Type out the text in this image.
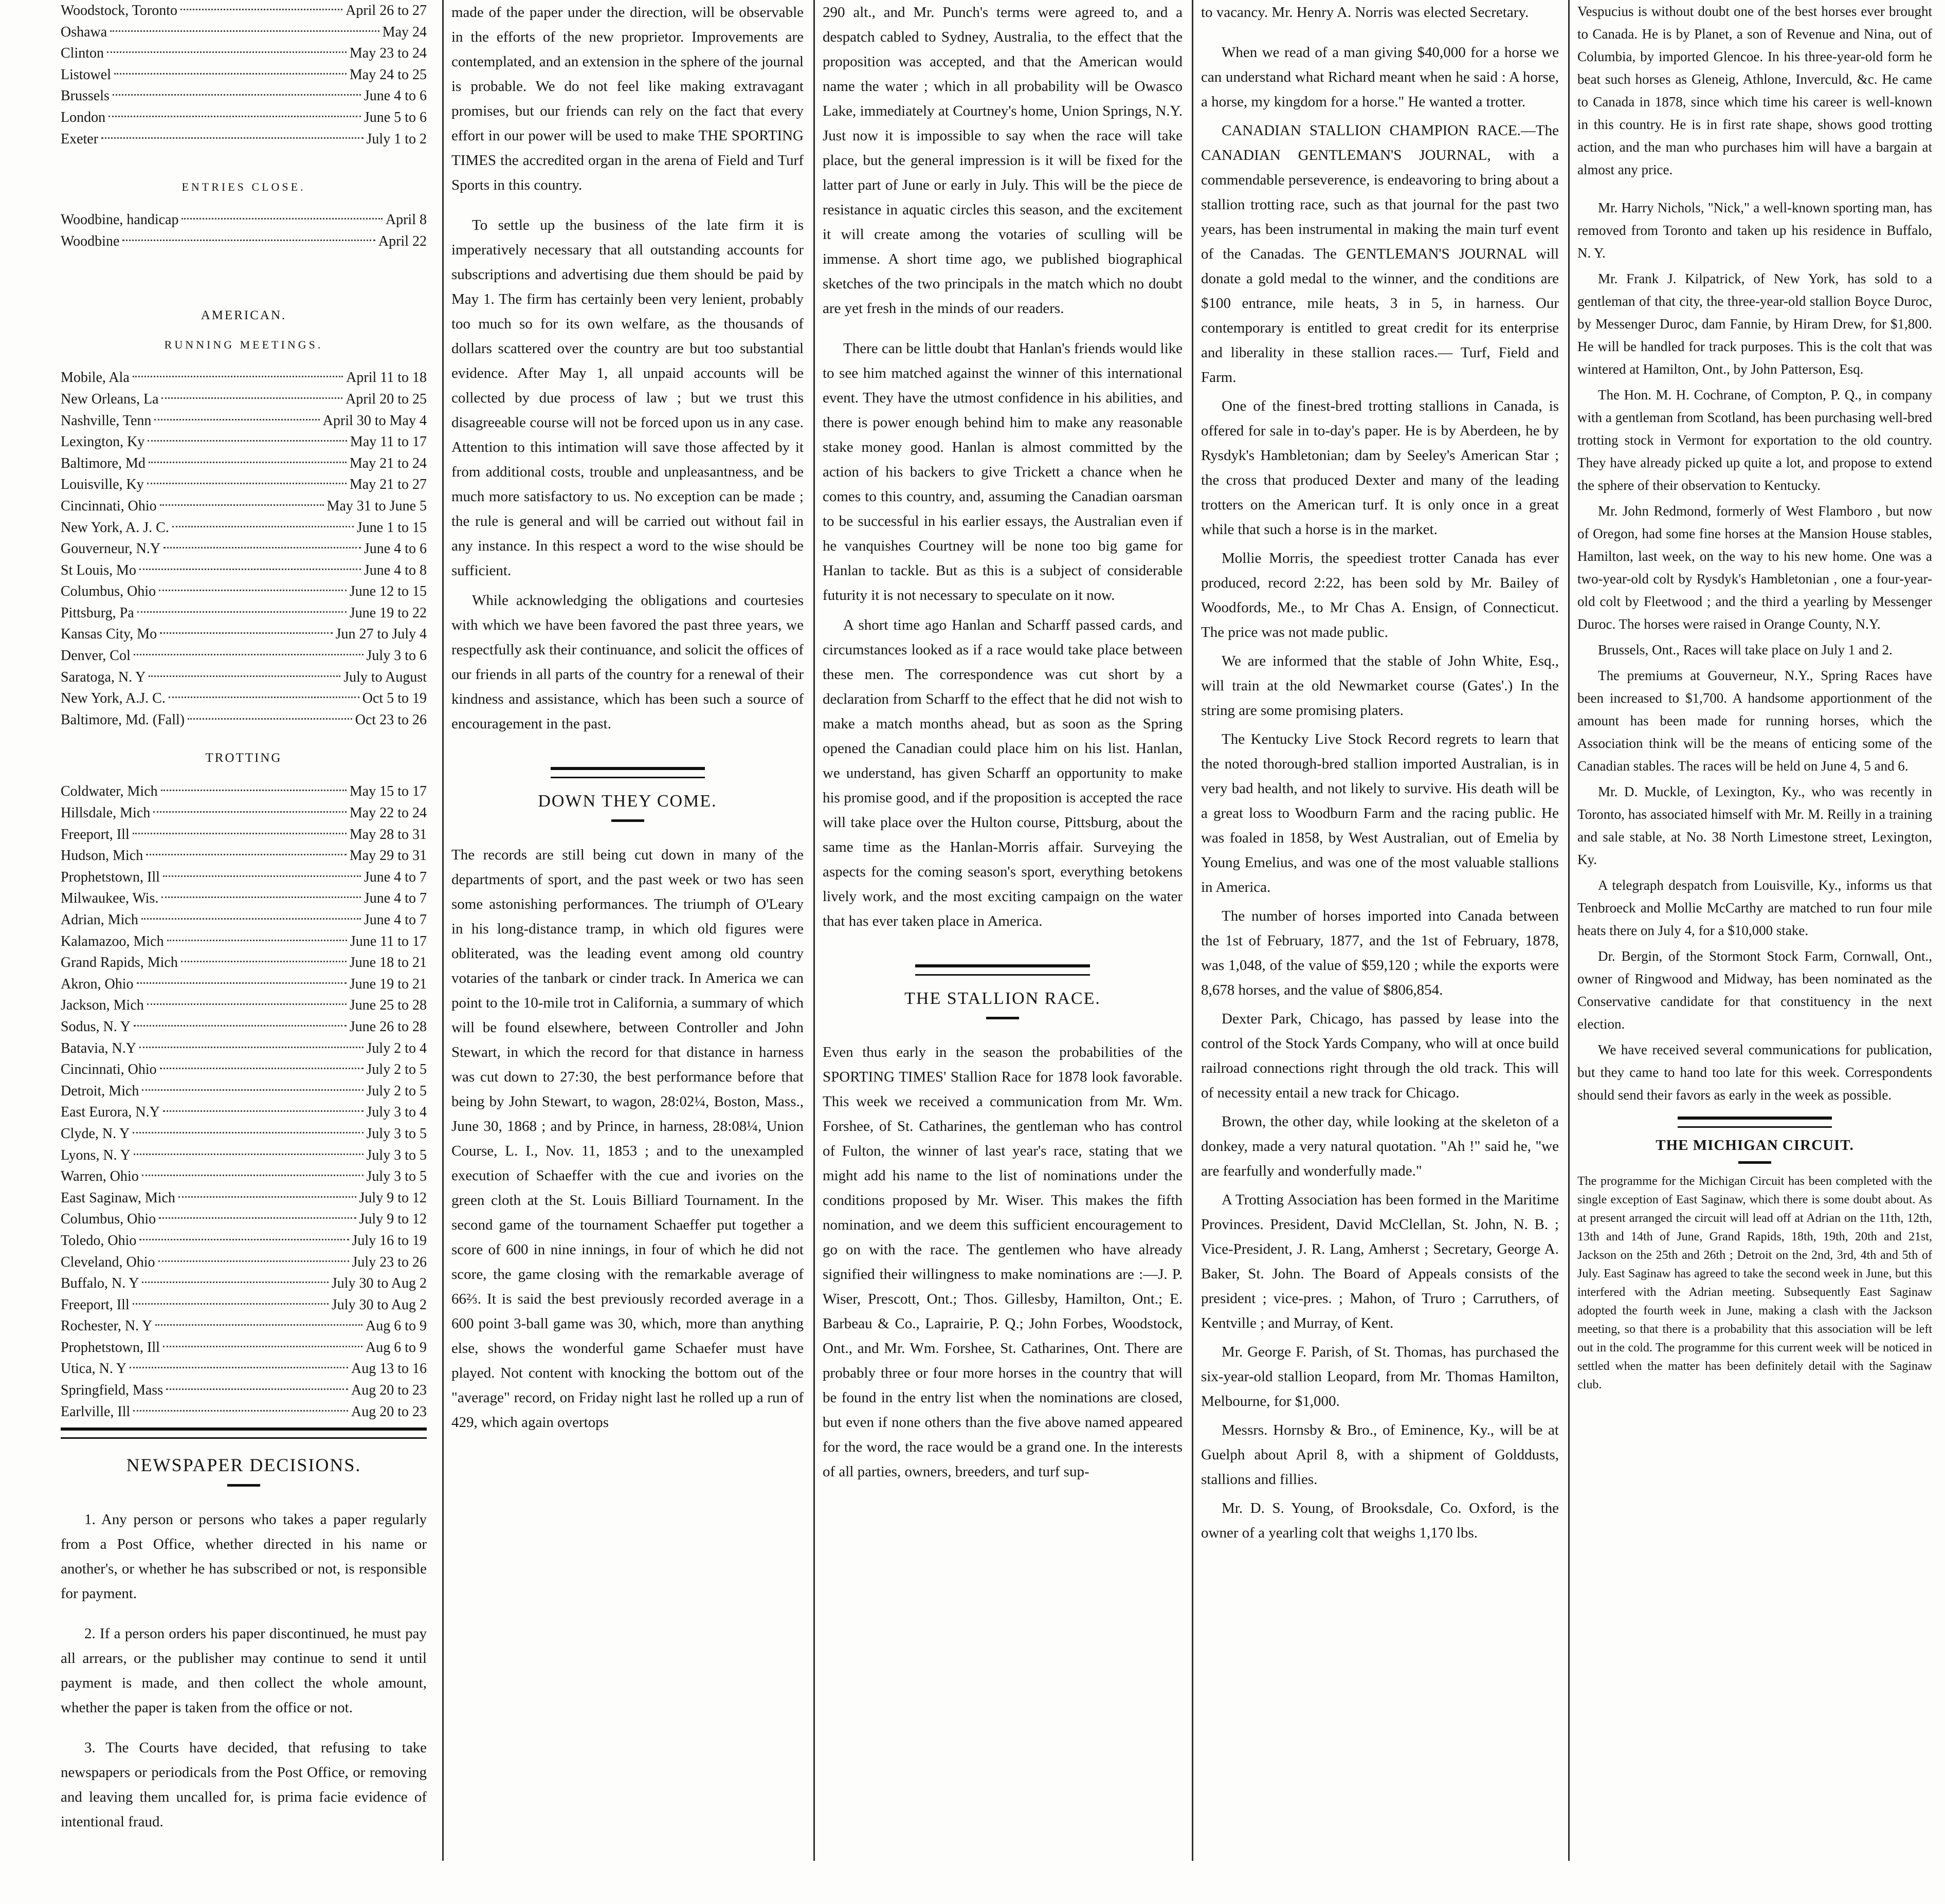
Woodstock, Toronto	April 26 to 27
Oshawa	May 24
Clinton	May 23 to 24
Listowel	May 24 to 25
Brussels	June 4 to 6
London	June 5 to 6
Exeter	July 1 to 2
ENTRIES CLOSE.
Woodbine, handicap	April 8
Woodbine	April 22
AMERICAN.
RUNNING MEETINGS.
Mobile, Ala	April 11 to 18
New Orleans, La	April 20 to 25
Nashville, Tenn	April 30 to May 4
Lexington, Ky	May 11 to 17
Baltimore, Md	May 21 to 24
Louisville, Ky	May 21 to 27
Cincinnati, Ohio	May 31 to June 5
New York, A. J. C.	June 1 to 15
Gouverneur, N.Y	June 4 to 6
St Louis, Mo	June 4 to 8
Columbus, Ohio	June 12 to 15
Pittsburg, Pa	June 19 to 22
Kansas City, Mo	Jun 27 to July 4
Denver, Col	July 3 to 6
Saratoga, N. Y	July to August
New York, A.J. C.	Oct 5 to 19
Baltimore, Md. (Fall)	Oct 23 to 26
TROTTING
Coldwater, Mich	May 15 to 17
Hillsdale, Mich	May 22 to 24
Freeport, Ill	May 28 to 31
Hudson, Mich	May 29 to 31
Prophetstown, Ill	June 4 to 7
Milwaukee, Wis.	June 4 to 7
Adrian, Mich	June 4 to 7
Kalamazoo, Mich	June 11 to 17
Grand Rapids, Mich	June 18 to 21
Akron, Ohio	June 19 to 21
Jackson, Mich	June 25 to 28
Sodus, N. Y	June 26 to 28
Batavia, N.Y	July 2 to 4
Cincinnati, Ohio	July 2 to 5
Detroit, Mich	July 2 to 5
East Eurora, N.Y	July 3 to 4
Clyde, N. Y	July 3 to 5
Lyons, N. Y	July 3 to 5
Warren, Ohio	July 3 to 5
East Saginaw, Mich	July 9 to 12
Columbus, Ohio	July 9 to 12
Toledo, Ohio	July 16 to 19
Cleveland, Ohio	July 23 to 26
Buffalo, N. Y	July 30 to Aug 2
Freeport, Ill	July 30 to Aug 2
Rochester, N. Y	Aug 6 to 9
Prophetstown, Ill	Aug 6 to 9
Utica, N. Y	Aug 13 to 16
Springfield, Mass	Aug 20 to 23
Earlville, Ill	Aug 20 to 23
NEWSPAPER DECISIONS.

1. Any person or persons who takes a paper regularly from a Post Office, whether directed in his name or another's, or whether he has subscribed or not, is responsible for payment.

2. If a person orders his paper discontinued, he must pay all arrears, or the publisher may continue to send it until payment is made, and then collect the whole amount, whether the paper is taken from the office or not.

3. The Courts have decided, that refusing to take newspapers or periodicals from the Post Office, or removing and leaving them uncalled for, is prima facie evidence of intentional fraud.

made of the paper under the direction, will be observable in the efforts of the new proprietor. Improvements are contemplated, and an extension in the sphere of the journal is probable. We do not feel like making extravagant promises, but our friends can rely on the fact that every effort in our power will be used to make THE SPORTING TIMES the accredited organ in the arena of Field and Turf Sports in this country.

To settle up the business of the late firm it is imperatively necessary that all outstanding accounts for subscriptions and advertising due them should be paid by May 1. The firm has certainly been very lenient, probably too much so for its own welfare, as the thousands of dollars scattered over the country are but too substantial evidence. After May 1, all unpaid accounts will be collected by due process of law ; but we trust this disagreeable course will not be forced upon us in any case. Attention to this intimation will save those affected by it from additional costs, trouble and unpleasantness, and be much more satisfactory to us. No exception can be made ; the rule is general and will be carried out without fail in any instance. In this respect a word to the wise should be sufficient.

While acknowledging the obligations and courtesies with which we have been favored the past three years, we respectfully ask their continuance, and solicit the offices of our friends in all parts of the country for a renewal of their kindness and assistance, which has been such a source of encouragement in the past.

DOWN THEY COME.

The records are still being cut down in many of the departments of sport, and the past week or two has seen some astonishing performances. The triumph of O'Leary in his long-distance tramp, in which old figures were obliterated, was the leading event among old country votaries of the tanbark or cinder track. In America we can point to the 10-mile trot in California, a summary of which will be found elsewhere, between Controller and John Stewart, in which the record for that distance in harness was cut down to 27:30, the best performance before that being by John Stewart, to wagon, 28:02¼, Boston, Mass., June 30, 1868 ; and by Prince, in harness, 28:08¼, Union Course, L. I., Nov. 11, 1853 ; and to the unexampled execution of Schaeffer with the cue and ivories on the green cloth at the St. Louis Billiard Tournament. In the second game of the tournament Schaeffer put together a score of 600 in nine innings, in four of which he did not score, the game closing with the remarkable average of 66⅔. It is said the best previously recorded average in a 600 point 3-ball game was 30, which, more than anything else, shows the wonderful game Schaefer must have played. Not content with knocking the bottom out of the "average" record, on Friday night last he rolled up a run of 429, which again overtops

290 alt., and Mr. Punch's terms were agreed to, and a despatch cabled to Sydney, Australia, to the effect that the proposition was accepted, and that the American would name the water ; which in all probability will be Owasco Lake, immediately at Courtney's home, Union Springs, N.Y. Just now it is impossible to say when the race will take place, but the general impression is it will be fixed for the latter part of June or early in July. This will be the piece de resistance in aquatic circles this season, and the excitement it will create among the votaries of sculling will be immense. A short time ago, we published biographical sketches of the two principals in the match which no doubt are yet fresh in the minds of our readers.

There can be little doubt that Hanlan's friends would like to see him matched against the winner of this international event. They have the utmost confidence in his abilities, and there is power enough behind him to make any reasonable stake money good. Hanlan is almost committed by the action of his backers to give Trickett a chance when he comes to this country, and, assuming the Canadian oarsman to be successful in his earlier essays, the Australian even if he vanquishes Courtney will be none too big game for Hanlan to tackle. But as this is a subject of considerable futurity it is not necessary to speculate on it now.

A short time ago Hanlan and Scharff passed cards, and circumstances looked as if a race would take place between these men. The correspondence was cut short by a declaration from Scharff to the effect that he did not wish to make a match months ahead, but as soon as the Spring opened the Canadian could place him on his list. Hanlan, we understand, has given Scharff an opportunity to make his promise good, and if the proposition is accepted the race will take place over the Hulton course, Pittsburg, about the same time as the Hanlan-Morris affair. Surveying the aspects for the coming season's sport, everything betokens lively work, and the most exciting campaign on the water that has ever taken place in America.

THE STALLION RACE.

Even thus early in the season the probabilities of the SPORTING TIMES' Stallion Race for 1878 look favorable. This week we received a communication from Mr. Wm. Forshee, of St. Catharines, the gentleman who has control of Fulton, the winner of last year's race, stating that we might add his name to the list of nominations under the conditions proposed by Mr. Wiser. This makes the fifth nomination, and we deem this sufficient encouragement to go on with the race. The gentlemen who have already signified their willingness to make nominations are :—J. P. Wiser, Prescott, Ont.; Thos. Gillesby, Hamilton, Ont.; E. Barbeau & Co., Laprairie, P. Q.; John Forbes, Woodstock, Ont., and Mr. Wm. Forshee, St. Catharines, Ont. There are probably three or four more horses in the country that will be found in the entry list when the nominations are closed, but even if none others than the five above named appeared for the word, the race would be a grand one. In the interests of all parties, owners, breeders, and turf sup-

to vacancy. Mr. Henry A. Norris was elected Secretary.

When we read of a man giving $40,000 for a horse we can understand what Richard meant when he said : A horse, a horse, my kingdom for a horse." He wanted a trotter.

CANADIAN STALLION CHAMPION RACE.—The CANADIAN GENTLEMAN'S JOURNAL, with a commendable perseverence, is endeavoring to bring about a stallion trotting race, such as that journal for the past two years, has been instrumental in making the main turf event of the Canadas. The GENTLEMAN'S JOURNAL will donate a gold medal to the winner, and the conditions are $100 entrance, mile heats, 3 in 5, in harness. Our contemporary is entitled to great credit for its enterprise and liberality in these stallion races.— Turf, Field and Farm.

One of the finest-bred trotting stallions in Canada, is offered for sale in to-day's paper. He is by Aberdeen, he by Rysdyk's Hambletonian; dam by Seeley's American Star ; the cross that produced Dexter and many of the leading trotters on the American turf. It is only once in a great while that such a horse is in the market.

Mollie Morris, the speediest trotter Canada has ever produced, record 2:22, has been sold by Mr. Bailey of Woodfords, Me., to Mr Chas A. Ensign, of Connecticut. The price was not made public.

We are informed that the stable of John White, Esq., will train at the old Newmarket course (Gates'.) In the string are some promising platers.

The Kentucky Live Stock Record regrets to learn that the noted thorough-bred stallion imported Australian, is in very bad health, and not likely to survive. His death will be a great loss to Woodburn Farm and the racing public. He was foaled in 1858, by West Australian, out of Emelia by Young Emelius, and was one of the most valuable stallions in America.

The number of horses imported into Canada between the 1st of February, 1877, and the 1st of February, 1878, was 1,048, of the value of $59,120 ; while the exports were 8,678 horses, and the value of $806,854.

Dexter Park, Chicago, has passed by lease into the control of the Stock Yards Company, who will at once build railroad connections right through the old track. This will of necessity entail a new track for Chicago.

Brown, the other day, while looking at the skeleton of a donkey, made a very natural quotation. "Ah !" said he, "we are fearfully and wonderfully made."

A Trotting Association has been formed in the Maritime Provinces. President, David McClellan, St. John, N. B. ; Vice-President, J. R. Lang, Amherst ; Secretary, George A. Baker, St. John. The Board of Appeals consists of the president ; vice-pres. ; Mahon, of Truro ; Carruthers, of Kentville ; and Murray, of Kent.

Mr. George F. Parish, of St. Thomas, has purchased the six-year-old stallion Leopard, from Mr. Thomas Hamilton, Melbourne, for $1,000.

Messrs. Hornsby & Bro., of Eminence, Ky., will be at Guelph about April 8, with a shipment of Golddusts, stallions and fillies.

Mr. D. S. Young, of Brooksdale, Co. Oxford, is the owner of a yearling colt that weighs 1,170 lbs.

Vespucius is without doubt one of the best horses ever brought to Canada. He is by Planet, a son of Revenue and Nina, out of Columbia, by imported Glencoe. In his three-year-old form he beat such horses as Gleneig, Athlone, Inverculd, &c. He came to Canada in 1878, since which time his career is well-known in this country. He is in first rate shape, shows good trotting action, and the man who purchases him will have a bargain at almost any price.

Mr. Harry Nichols, "Nick," a well-known sporting man, has removed from Toronto and taken up his residence in Buffalo, N. Y.

Mr. Frank J. Kilpatrick, of New York, has sold to a gentleman of that city, the three-year-old stallion Boyce Duroc, by Messenger Duroc, dam Fannie, by Hiram Drew, for $1,800. He will be handled for track purposes. This is the colt that was wintered at Hamilton, Ont., by John Patterson, Esq.

The Hon. M. H. Cochrane, of Compton, P. Q., in company with a gentleman from Scotland, has been purchasing well-bred trotting stock in Vermont for exportation to the old country. They have already picked up quite a lot, and propose to extend the sphere of their observation to Kentucky.

Mr. John Redmond, formerly of West Flamboro , but now of Oregon, had some fine horses at the Mansion House stables, Hamilton, last week, on the way to his new home. One was a two-year-old colt by Rysdyk's Hambletonian , one a four-year-old colt by Fleetwood ; and the third a yearling by Messenger Duroc. The horses were raised in Orange County, N.Y.

Brussels, Ont., Races will take place on July 1 and 2.

The premiums at Gouverneur, N.Y., Spring Races have been increased to $1,700. A handsome apportionment of the amount has been made for running horses, which the Association think will be the means of enticing some of the Canadian stables. The races will be held on June 4, 5 and 6.

Mr. D. Muckle, of Lexington, Ky., who was recently in Toronto, has associated himself with Mr. M. Reilly in a training and sale stable, at No. 38 North Limestone street, Lexington, Ky.

A telegraph despatch from Louisville, Ky., informs us that Tenbroeck and Mollie McCarthy are matched to run four mile heats there on July 4, for a $10,000 stake.

Dr. Bergin, of the Stormont Stock Farm, Cornwall, Ont., owner of Ringwood and Midway, has been nominated as the Conservative candidate for that constituency in the next election.

We have received several communications for publication, but they came to hand too late for this week. Correspondents should send their favors as early in the week as possible.

THE MICHIGAN CIRCUIT.

The programme for the Michigan Circuit has been completed with the single exception of East Saginaw, which there is some doubt about. As at present arranged the circuit will lead off at Adrian on the 11th, 12th, 13th and 14th of June, Grand Rapids, 18th, 19th, 20th and 21st, Jackson on the 25th and 26th ; Detroit on the 2nd, 3rd, 4th and 5th of July. East Saginaw has agreed to take the second week in June, but this interfered with the Adrian meeting. Subsequently East Saginaw adopted the fourth week in June, making a clash with the Jackson meeting, so that there is a probability that this association will be left out in the cold. The programme for this current week will be noticed in settled when the matter has been definitely detail with the Saginaw club.
